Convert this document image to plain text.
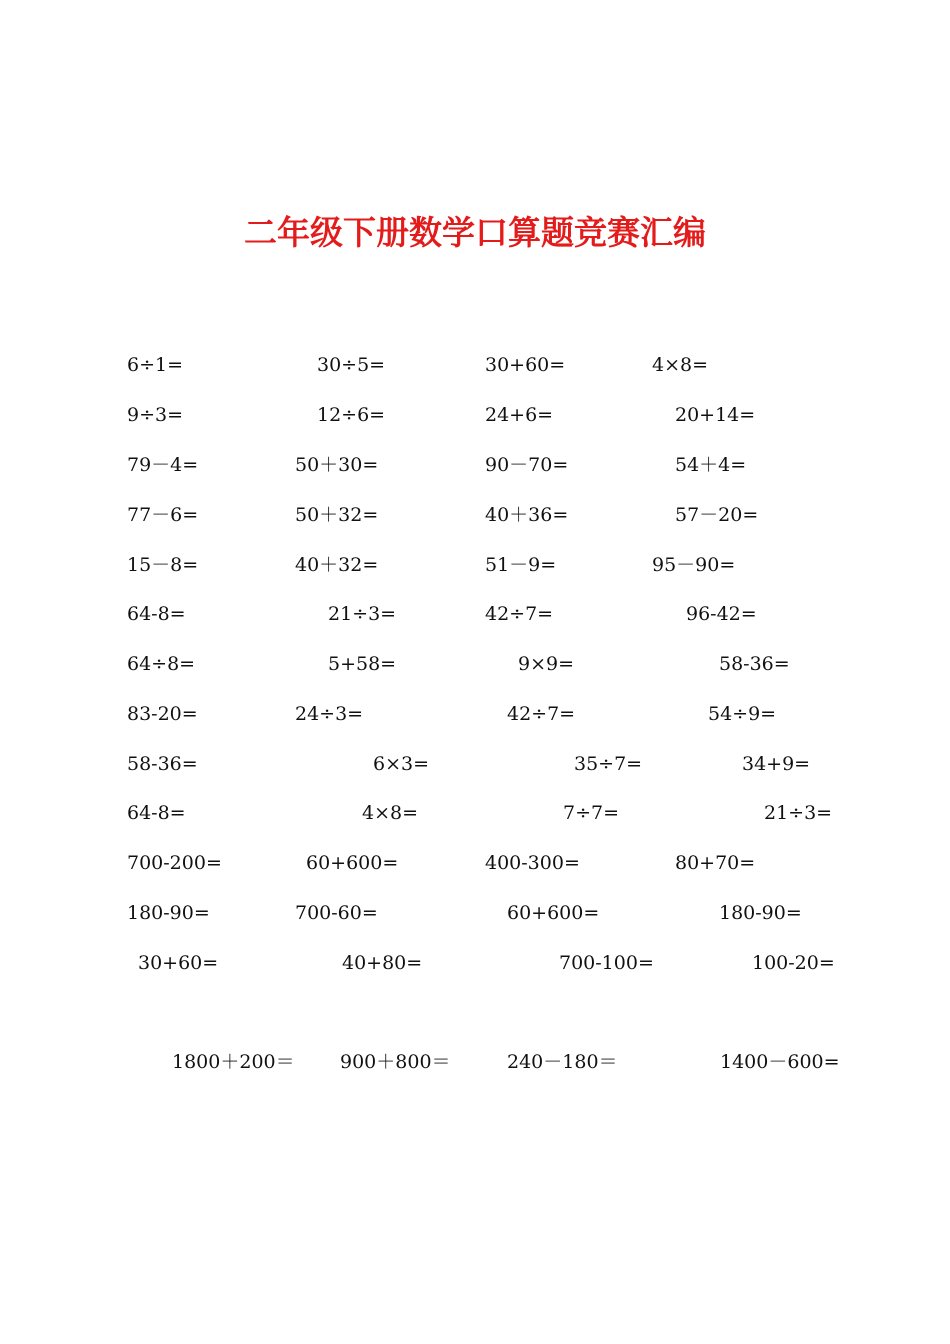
二年级下册数学口算题竞赛汇编
6÷1=	30÷5=	30+60=	4×8=
9÷3=	12÷6=	24+6=	20+14=
79－4=	50＋30=	90－70=	54＋4=
77－6=	50＋32=	40＋36=	57－20=
15－8=	40＋32=	51－9=	95－90=
64-8=	21÷3=	42÷7=	96-42=
64÷8=	5+58=	9×9=	58-36=
83-20=	24÷3=	42÷7=	54÷9=
58-36=	6×3=	35÷7=	34+9=
64-8=	4×8=	7÷7=	21÷3=
700-200=	60+600=	400-300=	80+70=
180-90=	700-60=	60+600=	180-90=
30+60=	40+80=	700-100=	100-20=
1800＋200＝ 900＋800＝	240－180＝	1400－600=
